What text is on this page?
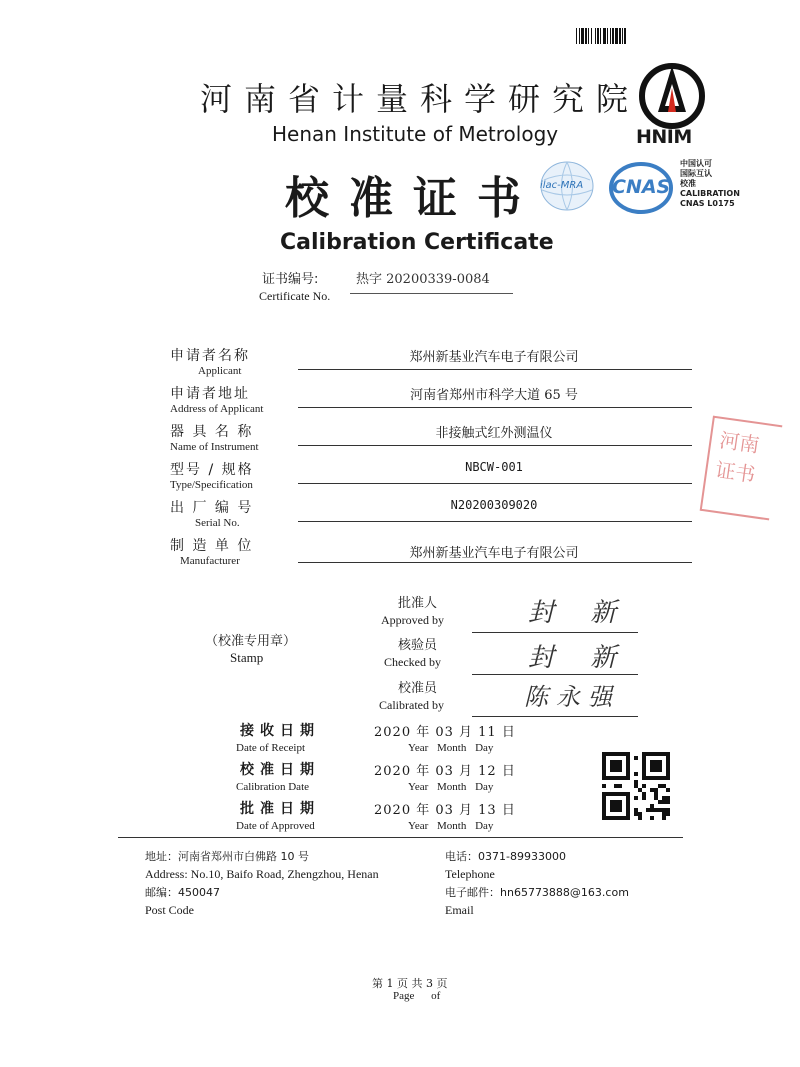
河南省计量科学研究院
Henan Institute of Metrology	HNIM
校准证书 ilac-MRA CNAS
中国认可
国际互认
校准
CALIBRATION
CNAS L0175
Calibration Certificate
证书编号:
Certificate No.
热字 20200339-0084
河南
证书
申请者名称
Applicant
郑州新基业汽车电子有限公司
申请者地址
Address of Applicant
河南省郑州市科学大道 65 号
器 具 名 称
Name of Instrument
非接触式红外测温仪
型号 / 规格
Type/Specification
NBCW-001
出 厂 编 号
Serial No.
N20200309020
制 造 单 位
Manufacturer	郑州新基业汽车电子有限公司
（校准专用章）
Stamp
批准人
Approved by	封 新
核验员
Checked by	封 新
校准员
Calibrated by	陈永强
接收日期
Date of Receipt
2020 年 03 月 11 日
Year Month Day
校准日期
Calibration Date
2020 年 03 月 12 日
Year Month Day
批准日期
Date of Approved
2020 年 03 月 13 日
Year Month Day
地址：河南省郑州市白佛路 10 号
Address: No.10, Baifo Road, Zhengzhou, Henan
邮编：450047
Post Code
电话：0371-89933000
Telephone
电子邮件：hn65773888@163.com
Email
第 1 页 共 3 页
Page of
